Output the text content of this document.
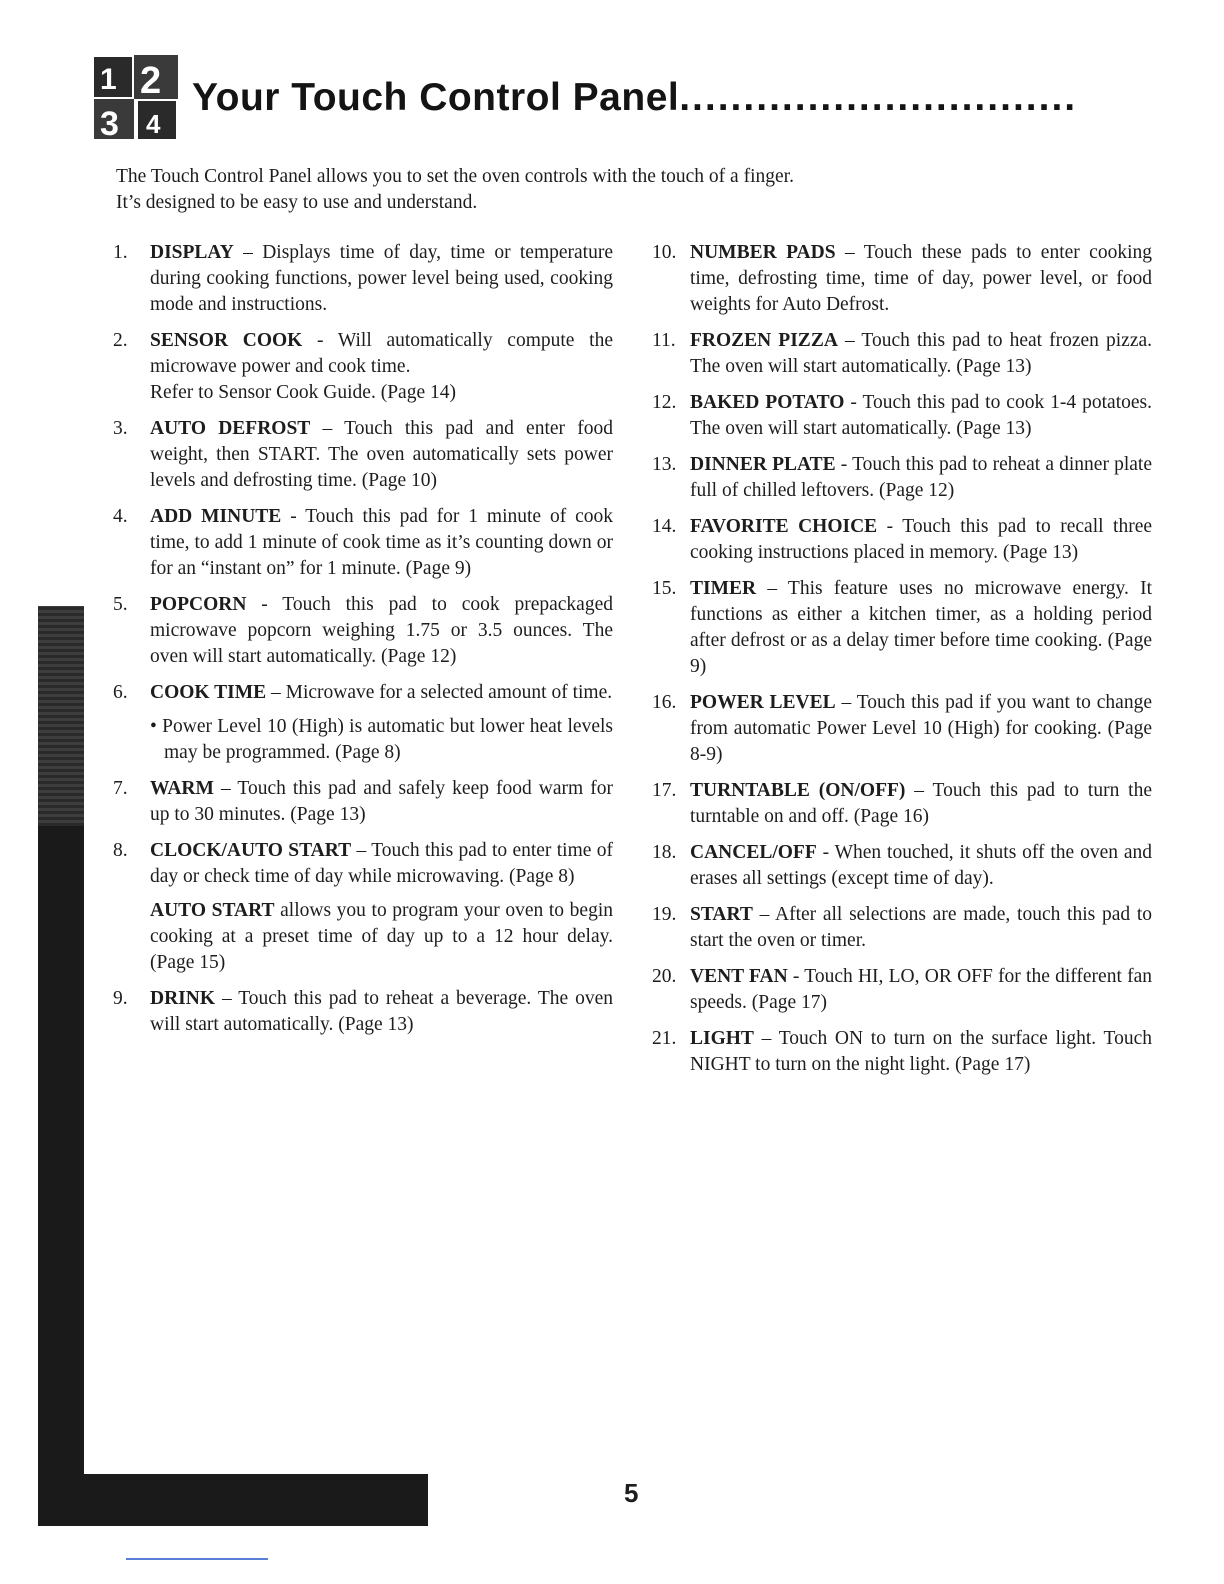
1 2
3 4
Your Touch Control Panel...............................

The Touch Control Panel allows you to set the oven controls with the touch of a finger.

It’s designed to be easy to use and understand.

1.	DISPLAY – Displays time of day, time or temperature during cooking functions, power level being used, cooking mode and instructions.

2.	SENSOR COOK - Will automatically compute the microwave power and cook time.
Refer to Sensor Cook Guide. (Page 14)

3.	AUTO DEFROST – Touch this pad and enter food weight, then START. The oven automatically sets power levels and defrosting time. (Page 10)

4.	ADD MINUTE - Touch this pad for 1 minute of cook time, to add 1 minute of cook time as it’s counting down or for an “instant on” for 1 minute. (Page 9)

5.	POPCORN - Touch this pad to cook prepackaged microwave popcorn weighing 1.75 or 3.5 ounces. The oven will start automatically. (Page 12)

6.	COOK TIME – Microwave for a selected amount of time.

• Power Level 10 (High) is automatic but lower heat levels may be programmed. (Page 8)

7.	WARM – Touch this pad and safely keep food warm for up to 30 minutes. (Page 13)

8.	CLOCK/AUTO START – Touch this pad to enter time of day or check time of day while microwaving. (Page 8)

AUTO START allows you to program your oven to begin cooking at a preset time of day up to a 12 hour delay. (Page 15)

9.	DRINK – Touch this pad to reheat a beverage. The oven will start automatically. (Page 13)

10. NUMBER PADS – Touch these pads to enter cooking time, defrosting time, time of day, power level, or food weights for Auto Defrost.

11. FROZEN PIZZA – Touch this pad to heat frozen pizza. The oven will start automatically. (Page 13)

12. BAKED POTATO - Touch this pad to cook 1-4 potatoes. The oven will start automatically. (Page 13)

13. DINNER PLATE - Touch this pad to reheat a dinner plate full of chilled leftovers. (Page 12)

14. FAVORITE CHOICE - Touch this pad to recall three cooking instructions placed in memory. (Page 13)

15. TIMER – This feature uses no microwave energy. It functions as either a kitchen timer, as a holding period after defrost or as a delay timer before time cooking. (Page 9)

16. POWER LEVEL – Touch this pad if you want to change from automatic Power Level 10 (High) for cooking. (Page 8-9)

17. TURNTABLE (ON/OFF) – Touch this pad to turn the turntable on and off. (Page 16)

18. CANCEL/OFF - When touched, it shuts off the oven and erases all settings (except time of day).

19. START – After all selections are made, touch this pad to start the oven or timer.

20. VENT FAN - Touch HI, LO, OR OFF for the different fan speeds. (Page 17)

21. LIGHT – Touch ON to turn on the surface light. Touch NIGHT to turn on the night light. (Page 17)

5
